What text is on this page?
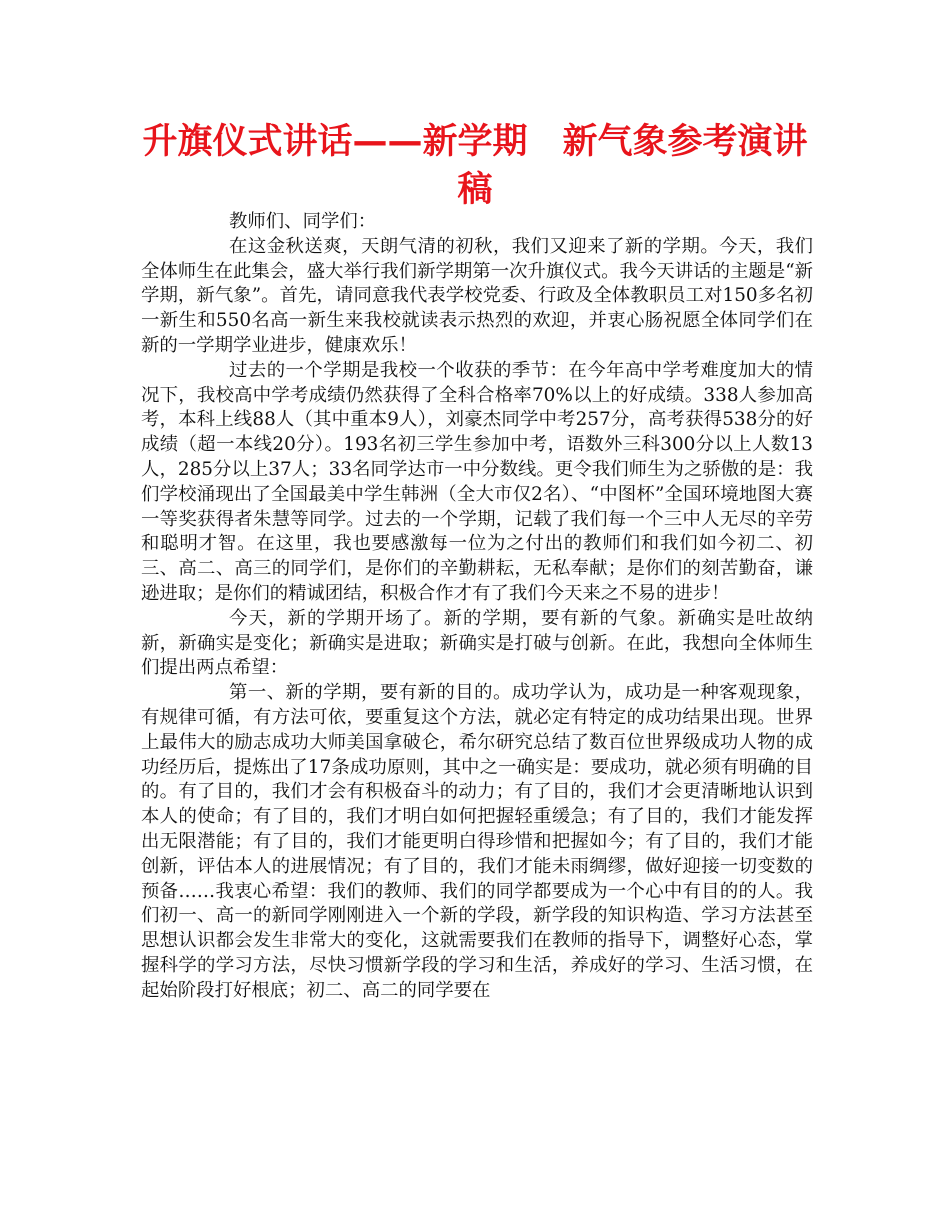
升旗仪式讲话——新学期　新气象参考演讲稿

教师们、同学们：

在这金秋送爽，天朗气清的初秋，我们又迎来了新的学期。今天，我们全体师生在此集会，盛大举行我们新学期第一次升旗仪式。我今天讲话的主题是“新学期，新气象”。首先，请同意我代表学校党委、行政及全体教职员工对150多名初一新生和550名高一新生来我校就读表示热烈的欢迎，并衷心肠祝愿全体同学们在新的一学期学业进步，健康欢乐！

过去的一个学期是我校一个收获的季节：在今年高中学考难度加大的情况下，我校高中学考成绩仍然获得了全科合格率70%以上的好成绩。338人参加高考，本科上线88人（其中重本9人），刘豪杰同学中考257分，高考获得538分的好成绩（超一本线20分）。193名初三学生参加中考，语数外三科300分以上人数13人，285分以上37人；33名同学达市一中分数线。更令我们师生为之骄傲的是：我们学校涌现出了全国最美中学生韩洲（全大市仅2名）、“中图杯”全国环境地图大赛一等奖获得者朱慧等同学。过去的一个学期，记载了我们每一个三中人无尽的辛劳和聪明才智。在这里，我也要感激每一位为之付出的教师们和我们如今初二、初三、高二、高三的同学们，是你们的辛勤耕耘，无私奉献；是你们的刻苦勤奋，谦逊进取；是你们的精诚团结，积极合作才有了我们今天来之不易的进步！

今天，新的学期开场了。新的学期，要有新的气象。新确实是吐故纳新，新确实是变化；新确实是进取；新确实是打破与创新。在此，我想向全体师生们提出两点希望：

第一、新的学期，要有新的目的。成功学认为，成功是一种客观现象，有规律可循，有方法可依，要重复这个方法，就必定有特定的成功结果出现。世界上最伟大的励志成功大师美国拿破仑，希尔研究总结了数百位世界级成功人物的成功经历后，提炼出了17条成功原则，其中之一确实是：要成功，就必须有明确的目的。有了目的，我们才会有积极奋斗的动力；有了目的，我们才会更清晰地认识到本人的使命；有了目的，我们才明白如何把握轻重缓急；有了目的，我们才能发挥出无限潜能；有了目的，我们才能更明白得珍惜和把握如今；有了目的，我们才能创新，评估本人的进展情况；有了目的，我们才能未雨绸缪，做好迎接一切变数的预备……我衷心希望：我们的教师、我们的同学都要成为一个心中有目的的人。我们初一、高一的新同学刚刚进入一个新的学段，新学段的知识构造、学习方法甚至思想认识都会发生非常大的变化，这就需要我们在教师的指导下，调整好心态，掌握科学的学习方法，尽快习惯新学段的学习和生活，养成好的学习、生活习惯，在起始阶段打好根底；初二、高二的同学要在
